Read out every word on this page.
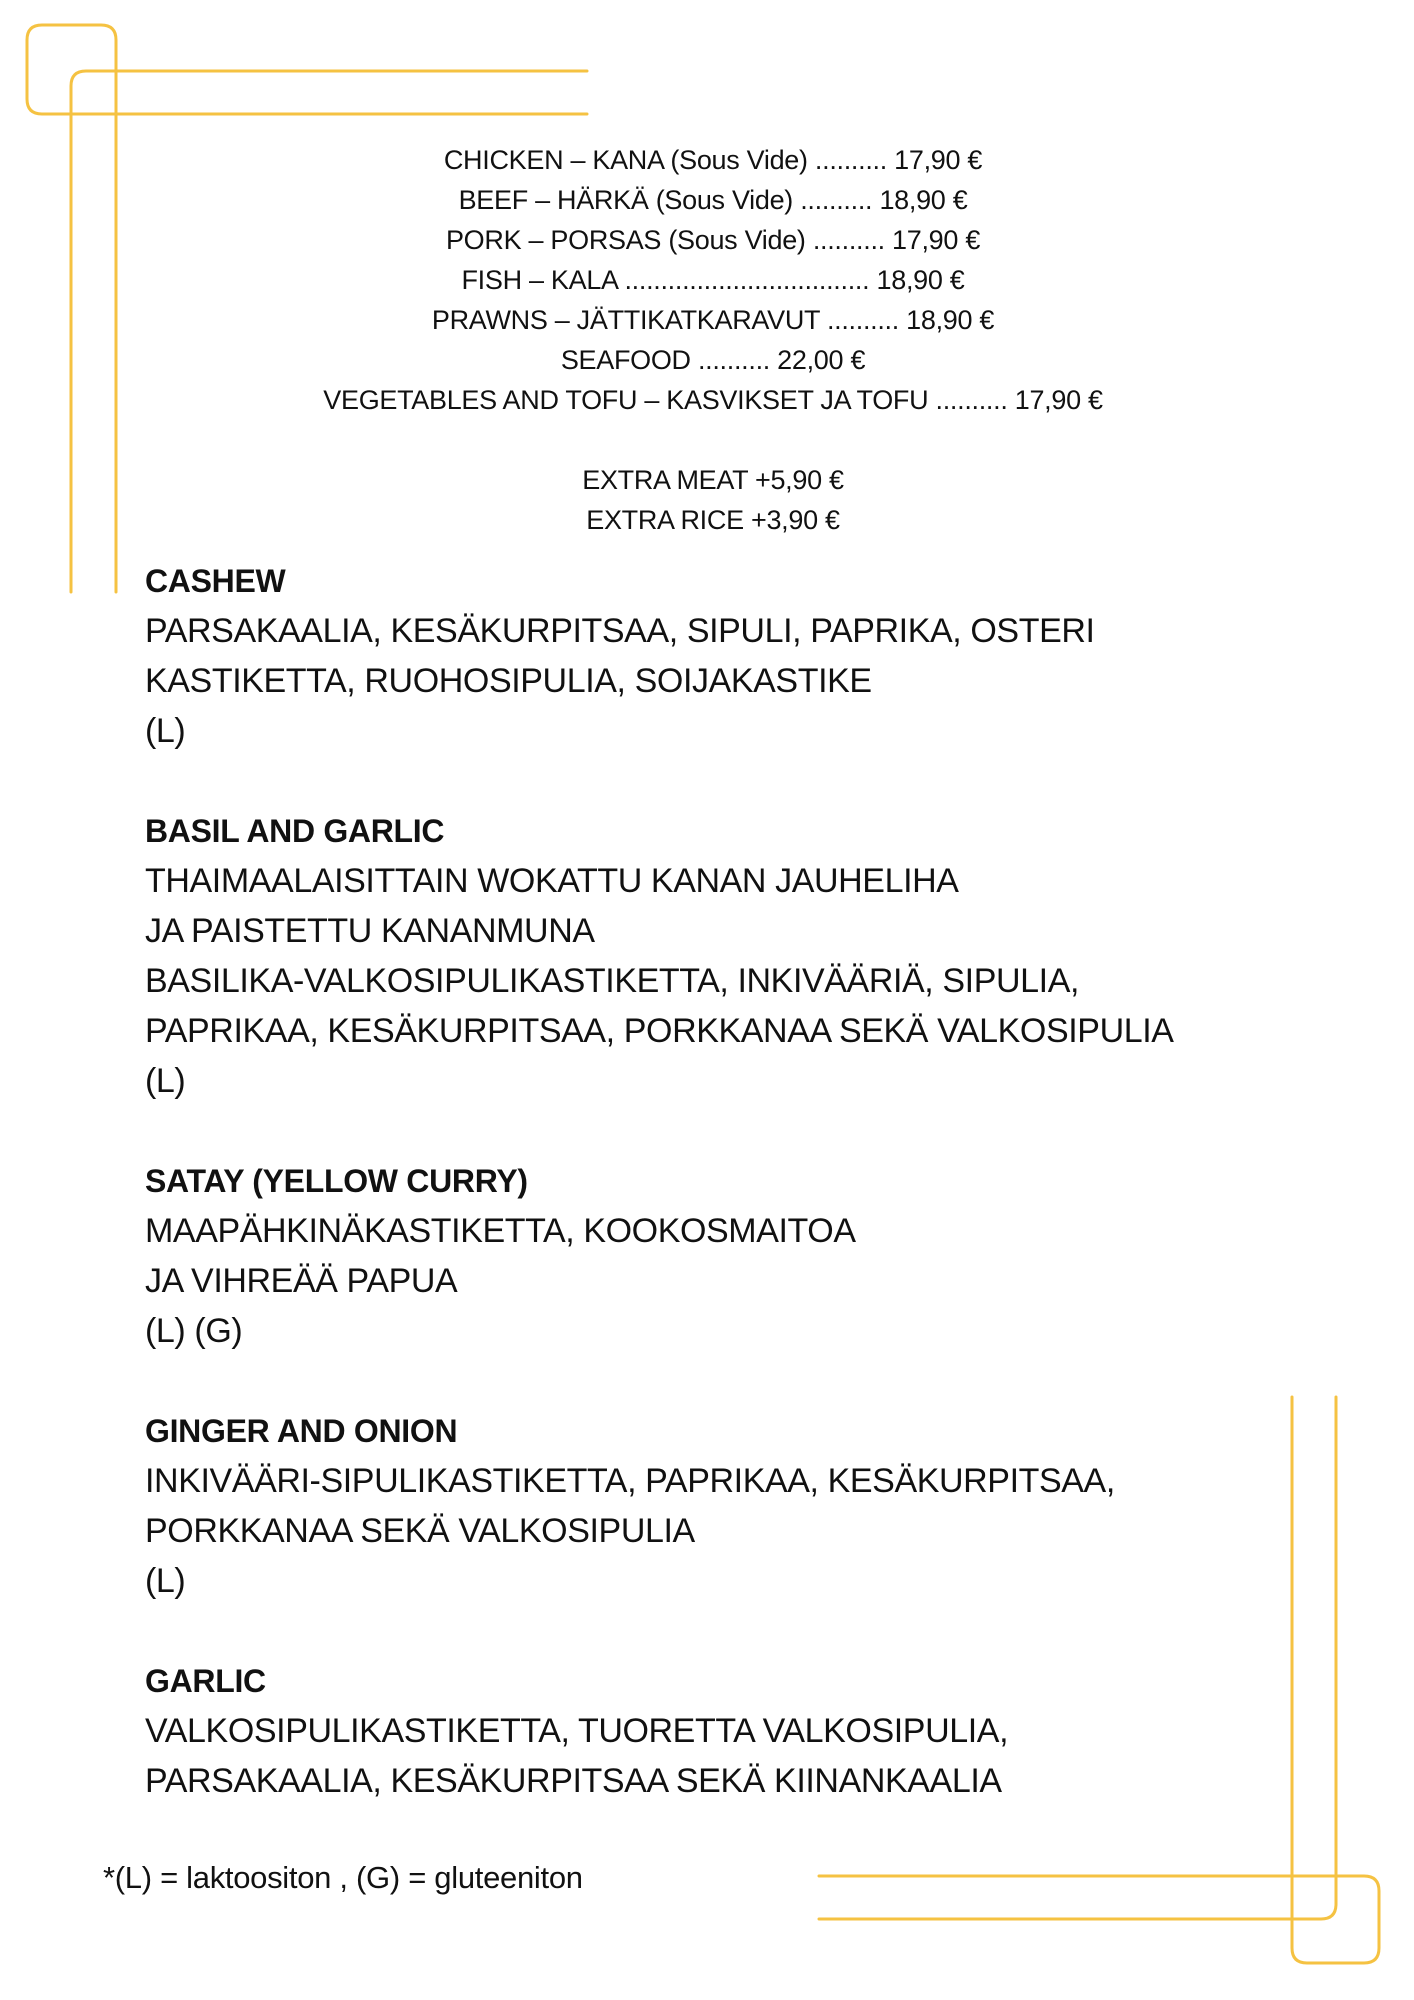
CHICKEN – KANA (Sous Vide) .......... 17,90 €
BEEF – HÄRKÄ (Sous Vide) .......... 18,90 €
PORK – PORSAS (Sous Vide) .......... 17,90 €
FISH – KALA .................................. 18,90 €
PRAWNS – JÄTTIKATKARAVUT .......... 18,90 €
SEAFOOD .......... 22,00 €
VEGETABLES AND TOFU – KASVIKSET JA TOFU .......... 17,90 €
EXTRA MEAT +5,90 €
EXTRA RICE +3,90 €
CASHEW
PARSAKAALIA, KESÄKURPITSAA, SIPULI, PAPRIKA, OSTERI
KASTIKETTA, RUOHOSIPULIA, SOIJAKASTIKE
(L)
BASIL AND GARLIC
THAIMAALAISITTAIN WOKATTU KANAN JAUHELIHA
JA PAISTETTU KANANMUNA
BASILIKA-VALKOSIPULIKASTIKETTA, INKIVÄÄRIÄ, SIPULIA,
PAPRIKAA, KESÄKURPITSAA, PORKKANAA SEKÄ VALKOSIPULIA
(L)
SATAY (YELLOW CURRY)
MAAPÄHKINÄKASTIKETTA, KOOKOSMAITOA
JA VIHREÄÄ PAPUA
(L) (G)
GINGER AND ONION
INKIVÄÄRI-SIPULIKASTIKETTA, PAPRIKAA, KESÄKURPITSAA,
PORKKANAA SEKÄ VALKOSIPULIA
(L)
GARLIC
VALKOSIPULIKASTIKETTA, TUORETTA VALKOSIPULIA,
PARSAKAALIA, KESÄKURPITSAA SEKÄ KIINANKAALIA
*(L) = laktoositon , (G) = gluteeniton
